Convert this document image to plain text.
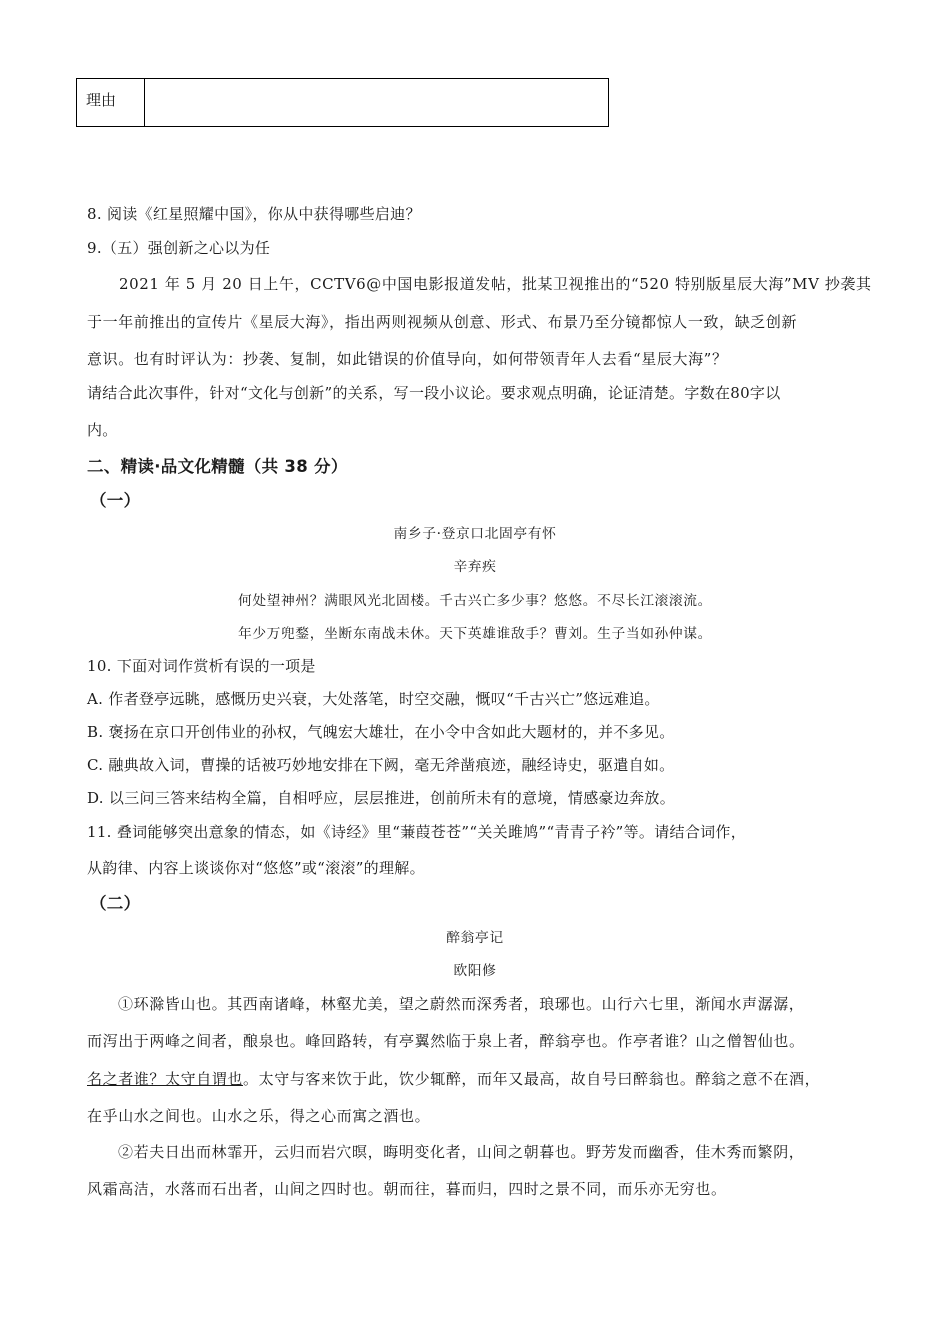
理由	
8. 阅读《红星照耀中国》，你从中获得哪些启迪？
9.（五）强创新之心以为任
2021 年 5 月 20 日上午，CCTV6@中国电影报道发帖，批某卫视推出的“520 特别版星辰大海”MV 抄袭其
于一年前推出的宣传片《星辰大海》，指出两则视频从创意、形式、布景乃至分镜都惊人一致，缺乏创新
意识。也有时评认为：抄袭、复制，如此错误的价值导向，如何带领青年人去看“星辰大海”？
请结合此次事件，针对“文化与创新”的关系，写一段小议论。要求观点明确，论证清楚。字数在80字以
内。
二、精读·品文化精髓（共 38 分）
（一）
南乡子·登京口北固亭有怀
辛弃疾
何处望神州？满眼风光北固楼。千古兴亡多少事？悠悠。不尽长江滚滚流。
年少万兜鍪，坐断东南战未休。天下英雄谁敌手？曹刘。生子当如孙仲谋。
10. 下面对词作赏析有误的一项是
A. 作者登亭远眺，感慨历史兴衰，大处落笔，时空交融，慨叹“千古兴亡”悠远难追。
B. 褒扬在京口开创伟业的孙权，气魄宏大雄壮，在小令中含如此大题材的，并不多见。
C. 融典故入词，曹操的话被巧妙地安排在下阙，毫无斧凿痕迹，融经诗史，驱遣自如。
D. 以三问三答来结构全篇，自相呼应，层层推进，创前所未有的意境，情感豪边奔放。
11. 叠词能够突出意象的情态，如《诗经》里“蒹葭苍苍”“关关雎鸠”“青青子衿”等。请结合词作，
从韵律、内容上谈谈你对“悠悠”或“滚滚”的理解。
（二）
醉翁亭记
欧阳修
①环滁皆山也。其西南诸峰，林壑尤美，望之蔚然而深秀者，琅琊也。山行六七里，渐闻水声潺潺，
而泻出于两峰之间者，酿泉也。峰回路转，有亭翼然临于泉上者，醉翁亭也。作亭者谁？山之僧智仙也。
名之者谁？太守自谓也。太守与客来饮于此，饮少辄醉，而年又最高，故自号曰醉翁也。醉翁之意不在酒，
在乎山水之间也。山水之乐，得之心而寓之酒也。
②若夫日出而林霏开，云归而岩穴暝，晦明变化者，山间之朝暮也。野芳发而幽香，佳木秀而繁阴，
风霜高洁，水落而石出者，山间之四时也。朝而往，暮而归，四时之景不同，而乐亦无穷也。
